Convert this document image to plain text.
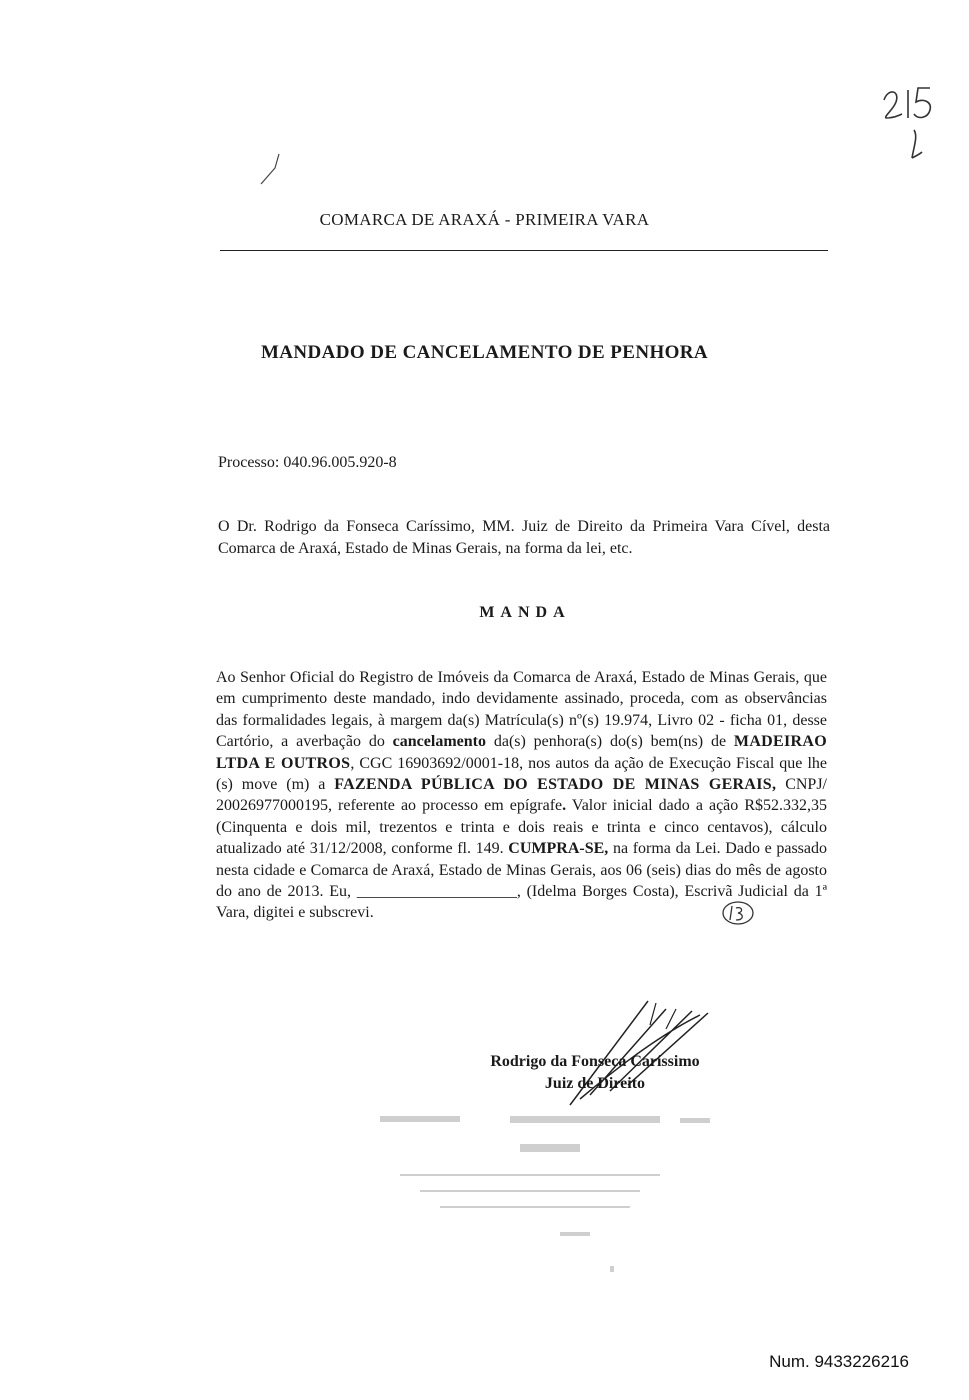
COMARCA DE ARAXÁ - PRIMEIRA VARA
MANDADO DE CANCELAMENTO DE PENHORA
Processo: 040.96.005.920-8
O Dr. Rodrigo da Fonseca Caríssimo, MM. Juiz de Direito da Primeira Vara Cível, desta Comarca de Araxá, Estado de Minas Gerais, na forma da lei, etc.
MANDA
Ao Senhor Oficial do Registro de Imóveis da Comarca de Araxá, Estado de Minas Gerais, que em cumprimento deste mandado, indo devidamente assinado, proceda, com as observâncias das formalidades legais, à margem da(s) Matrícula(s) nº(s) 19.974, Livro 02 - ficha 01, desse Cartório, a averbação do cancelamento da(s) penhora(s) do(s) bem(ns) de MADEIRAO LTDA E OUTROS, CGC 16903692/0001-18, nos autos da ação de Execução Fiscal que lhe (s) move (m) a FAZENDA PÚBLICA DO ESTADO DE MINAS GERAIS, CNPJ/ 20026977000195, referente ao processo em epígrafe. Valor inicial dado a ação R$52.332,35 (Cinquenta e dois mil, trezentos e trinta e dois reais e trinta e cinco centavos), cálculo atualizado até 31/12/2008, conforme fl. 149. CUMPRA-SE, na forma da Lei. Dado e passado nesta cidade e Comarca de Araxá, Estado de Minas Gerais, aos 06 (seis) dias do mês de agosto do ano de 2013. Eu, ____________________, (Idelma Borges Costa), Escrivã Judicial da 1ª Vara, digitei e subscrevi.
Rodrigo da Fonseca Caríssimo
Juiz de Direito
Num. 9433226216
